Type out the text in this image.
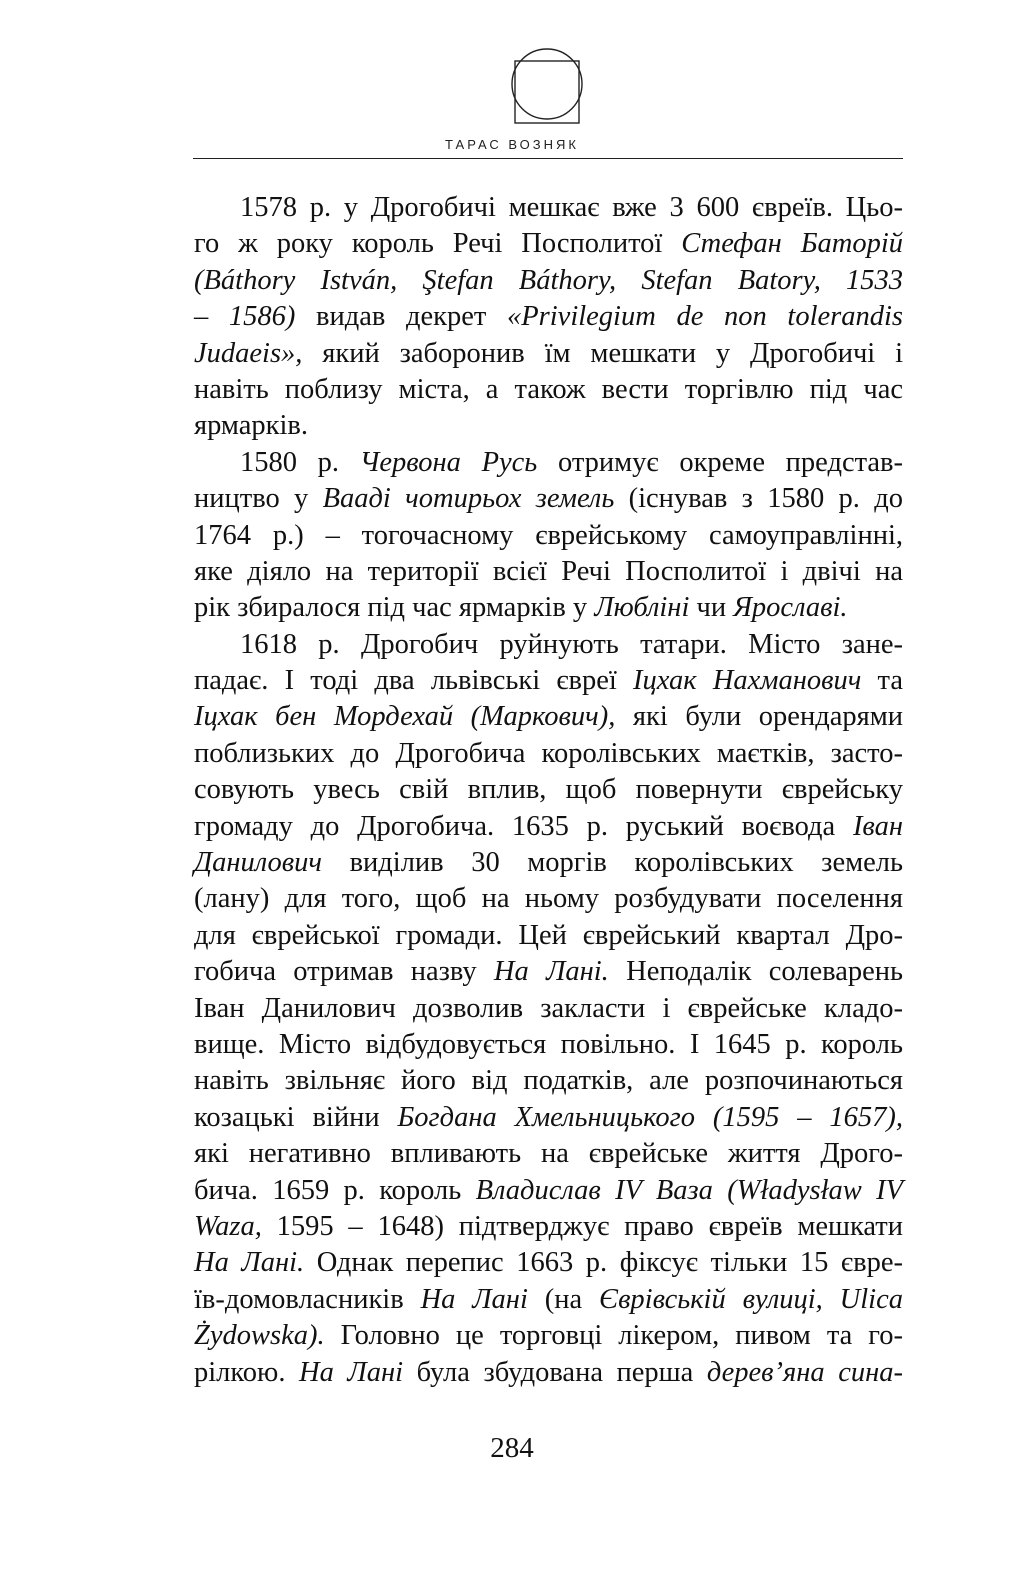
ТАРАС ВОЗНЯК
1578 р. у Дрогобичі мешкає вже 3 600 євреїв. Цьо-
го ж року король Речі Посполитої Стефан Баторій
(Báthory István, Ştefan Báthory, Stefan Batory, 1533
– 1586) видав декрет «Privilegium de non tolerandis
Judaeis», який заборонив їм мешкати у Дрогобичі і
навіть поблизу міста, а також вести торгівлю під час
ярмарків.
1580 р. Червона Русь отримує окреме представ-
ництво у Вааді чотирьох земель (існував з 1580 р. до
1764 р.) – тогочасному єврейському самоуправлінні,
яке діяло на території всієї Речі Посполитої і двічі на
рік збиралося під час ярмарків у Любліні чи Ярославі.
1618 р. Дрогобич руйнують татари. Місто зане-
падає. І тоді два львівські євреї Іцхак Нахманович та
Іцхак бен Мордехай (Маркович), які були орендарями
поблизьких до Дрогобича королівських маєтків, засто-
совують увесь свій вплив, щоб повернути єврейську
громаду до Дрогобича. 1635 р. руський воєвода Іван
Данилович виділив 30 моргів королівських земель
(лану) для того, щоб на ньому розбудувати поселення
для єврейської громади. Цей єврейський квартал Дро-
гобича отримав назву На Лані. Неподалік солеварень
Іван Данилович дозволив закласти і єврейське кладо-
вище. Місто відбудовується повільно. І 1645 р. король
навіть звільняє його від податків, але розпочинаються
козацькі війни Богдана Хмельницького (1595 – 1657),
які негативно впливають на єврейське життя Дрого-
бича. 1659 р. король Владислав IV Ваза (Władysław IV
Waza, 1595 – 1648) підтверджує право євреїв мешкати
На Лані. Однак перепис 1663 р. фіксує тільки 15 євре-
їв-домовласників На Лані (на Єврівській вулиці, Ulica
Żydowska). Головно це торговці лікером, пивом та го-
рілкою. На Лані була збудована перша дерев’яна сина-
284
